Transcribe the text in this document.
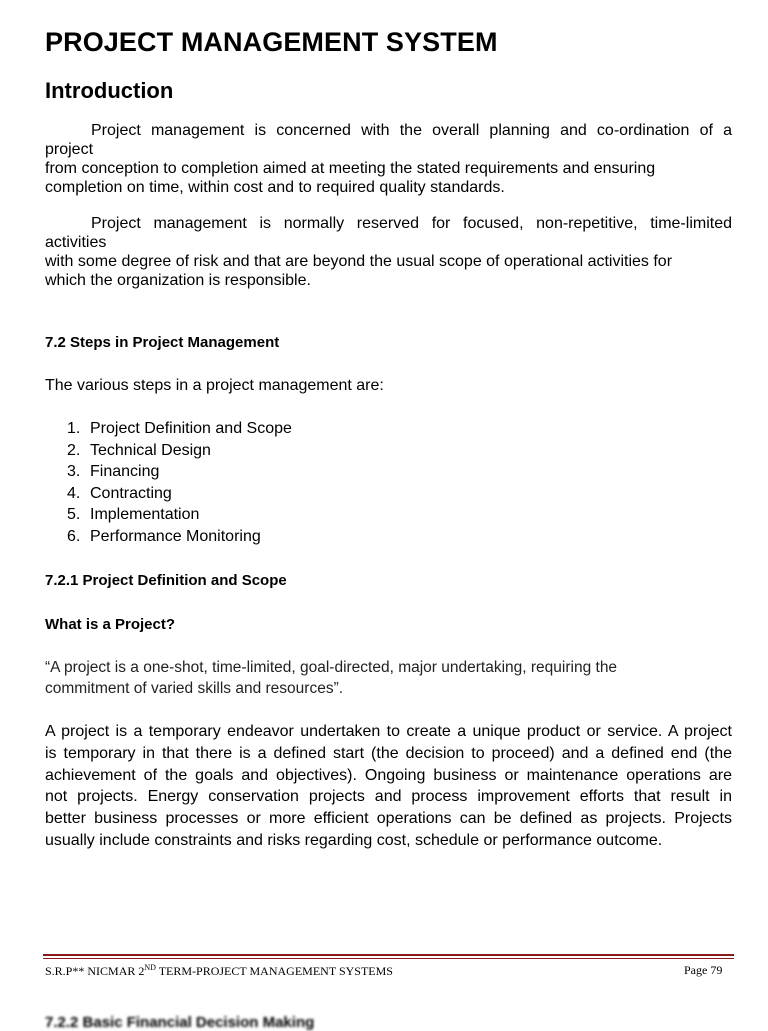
PROJECT MANAGEMENT SYSTEM
Introduction
Project management is concerned with the overall planning and co-ordination of a
project
from conception to completion aimed at meeting the stated requirements and ensuring
completion on time, within cost and to required quality standards.
Project management is normally reserved for focused, non-repetitive, time-limited
activities
with some degree of risk and that are beyond the usual scope of operational activities for
which the organization is responsible.
7.2 Steps in Project Management
The various steps in a project management are:
1. Project Definition and Scope
2. Technical Design
3. Financing
4. Contracting
5. Implementation
6. Performance Monitoring
7.2.1 Project Definition and Scope
What is a Project?
“A project is a one-shot, time-limited, goal-directed, major undertaking, requiring the
commitment of varied skills and resources”.
A project is a temporary endeavor undertaken to create a unique product or service. A project
is temporary in that there is a defined start (the decision to proceed) and a defined end (the
achievement of the goals and objectives). Ongoing business or maintenance operations are
not projects. Energy conservation projects and process improvement efforts that result in
better business processes or more efficient operations can be defined as projects. Projects
usually include constraints and risks regarding cost, schedule or performance outcome.
S.R.P** NICMAR 2ND TERM-PROJECT MANAGEMENT SYSTEMS	Page 79
7.2.2 Basic Financial Decision Making
